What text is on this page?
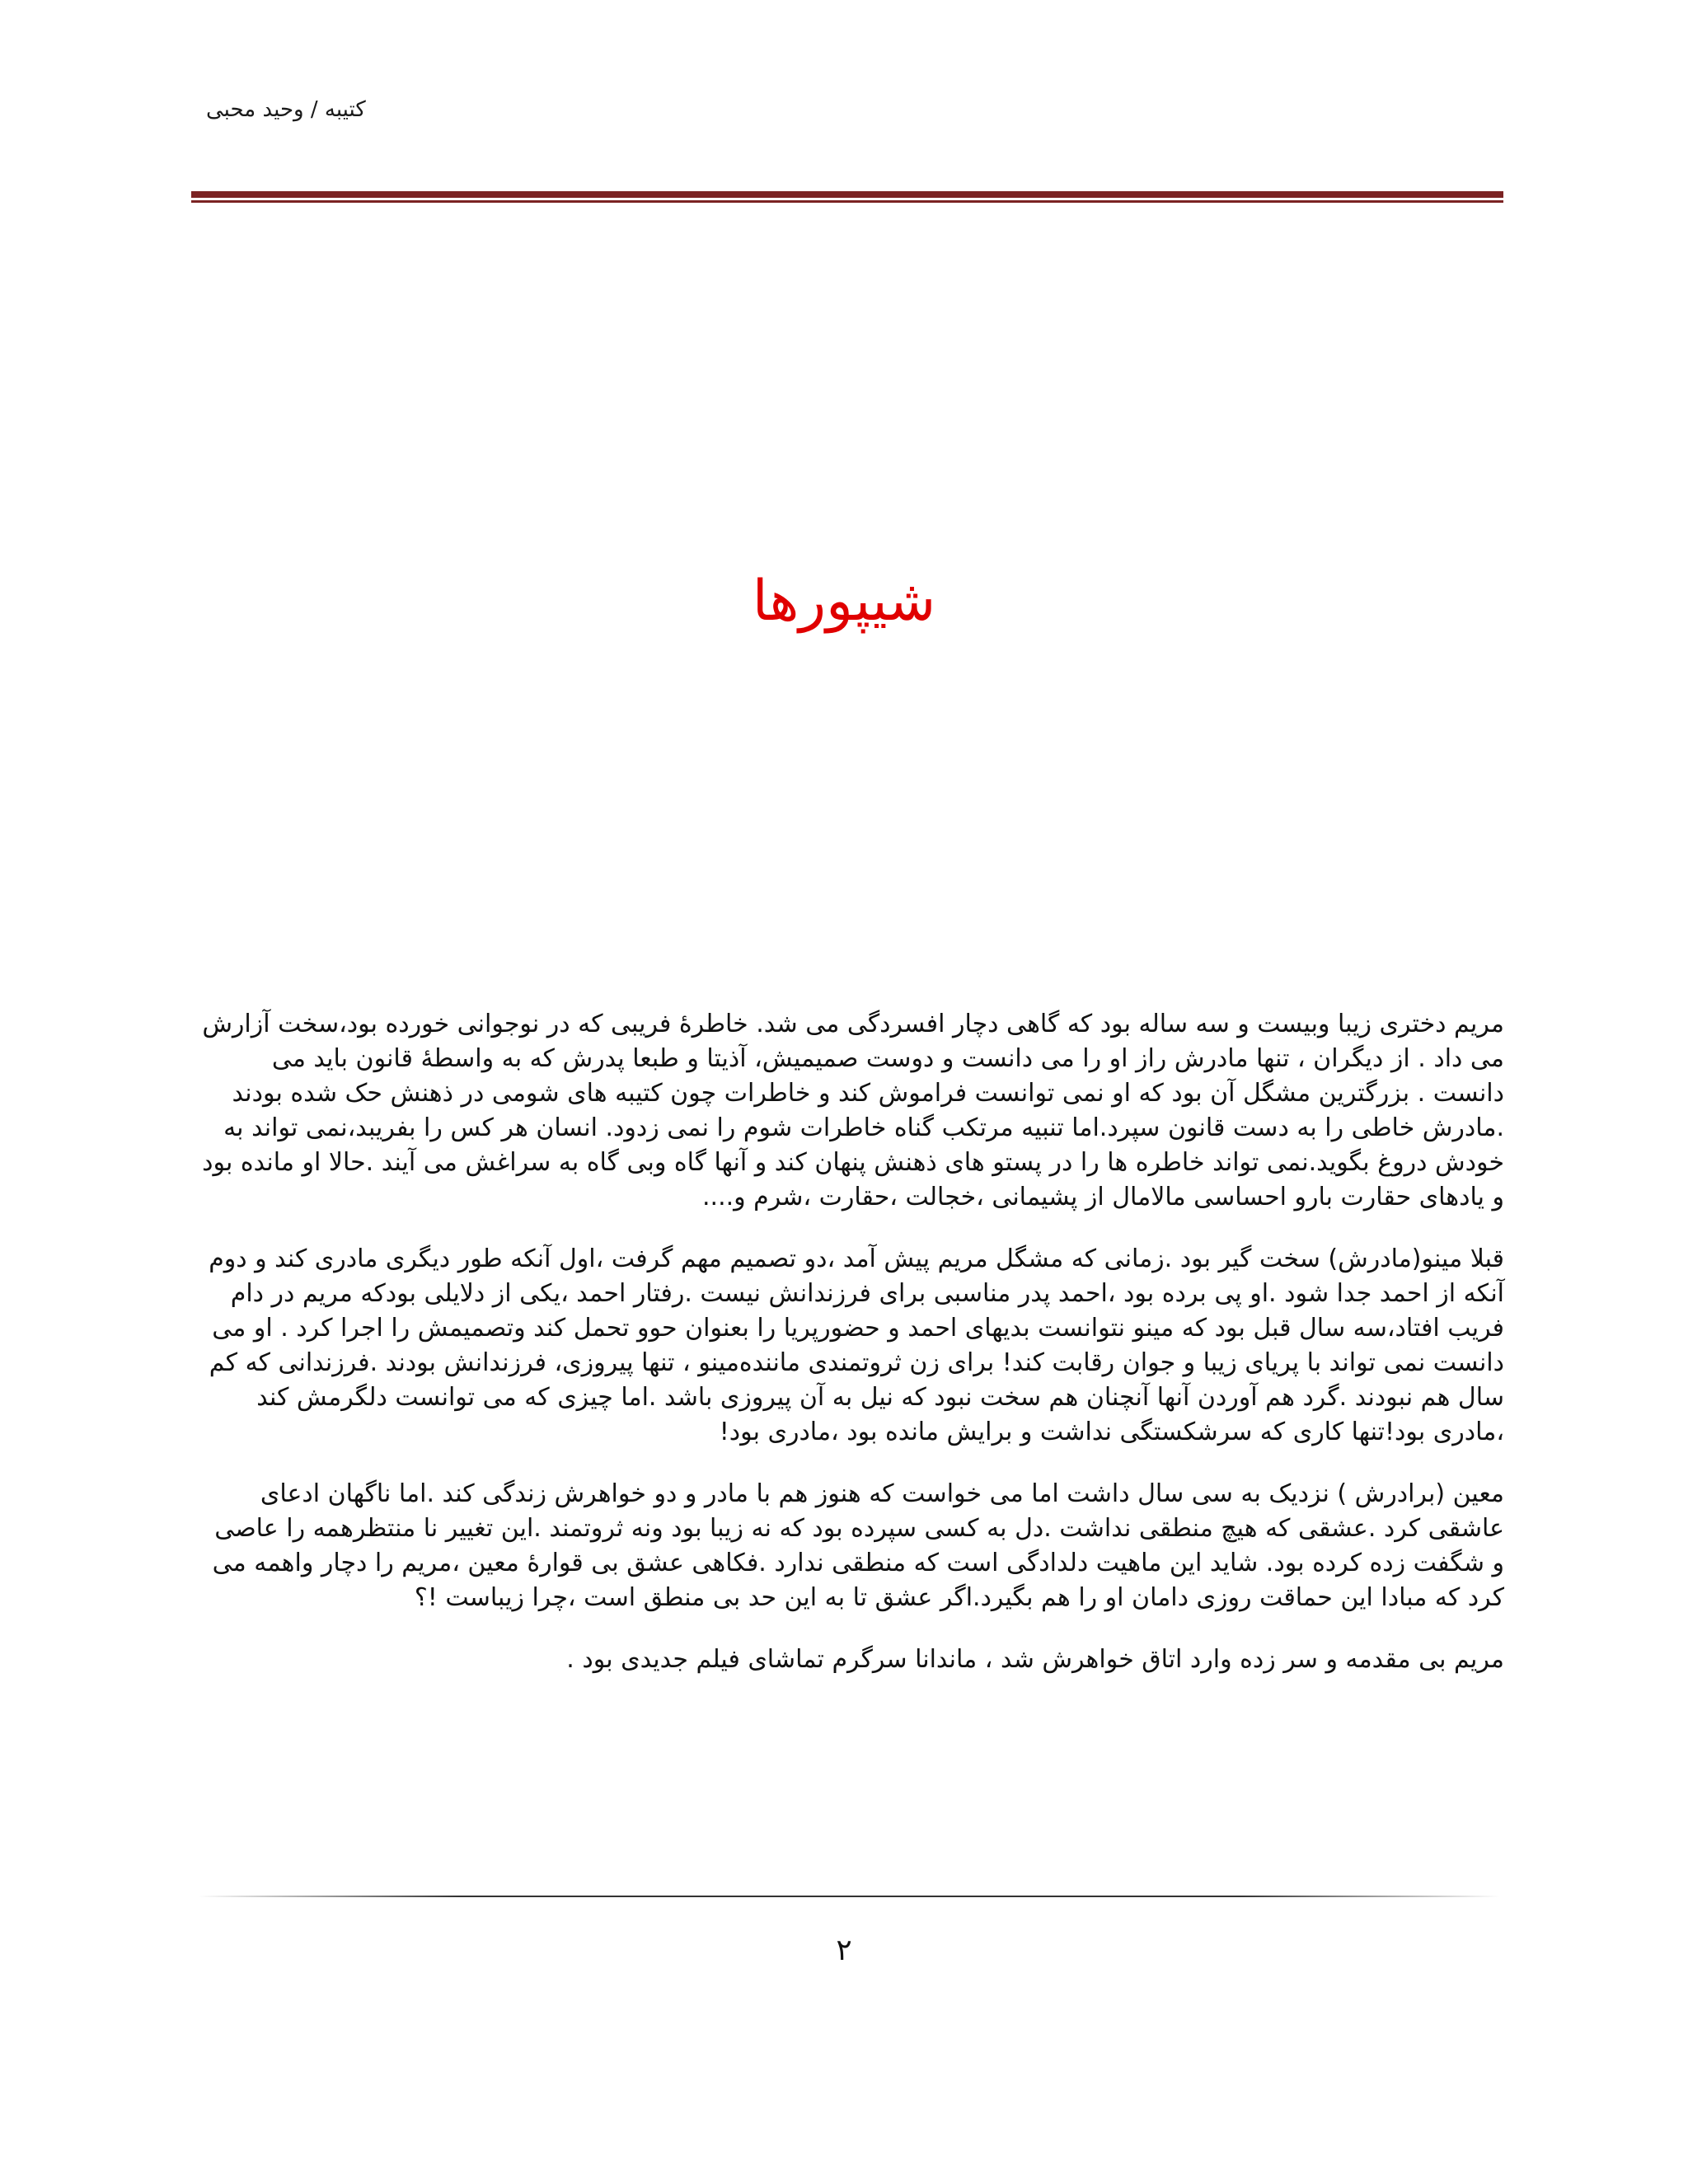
کتیبه / وحید محبی
شیپورها

مریم دختری زیبا وبیست و سه ساله بود که گاهی دچار افسردگی می شد. خاطرهٔ فریبی که در نوجوانی خورده بود،سخت آزارش می داد . از دیگران ، تنها مادرش راز او را می دانست و دوست صمیمیش، آذیتا و طبعا پدرش که به واسطهٔ قانون باید می دانست . بزرگترین مشگل آن بود که او نمی توانست فراموش کند و خاطرات چون کتیبه های شومی در ذهنش حک شده بودند .مادرش خاطی را به دست قانون سپرد.اما تنبیه مرتکب گناه خاطرات شوم را نمی زدود. انسان هر کس را بفریبد،نمی تواند به خودش دروغ بگوید.نمی تواند خاطره ها را در پستو های ذهنش پنهان کند و آنها گاه وبی گاه به سراغش می آیند .حالا او مانده بود و یادهای حقارت بارو احساسی مالامال از پشیمانی ،خجالت ،حقارت ،شرم و....

قبلا مینو(مادرش) سخت گیر بود .زمانی که مشگل مریم پیش آمد ،دو تصمیم مهم گرفت ،اول آنکه طور دیگری مادری کند و دوم آنکه از احمد جدا شود .او پی برده بود ،احمد پدر مناسبی برای فرزندانش نیست .رفتار احمد ،یکی از دلایلی بودکه مریم در دام فریب افتاد،سه سال قبل بود که مینو نتوانست بدیهای احمد و حضورپریا را بعنوان حوو تحمل کند وتصمیمش را اجرا کرد . او می دانست نمی تواند با پریای زیبا و جوان رقابت کند! برای زن ثروتمندی ماننده‌مینو ، تنها پیروزی، فرزندانش بودند .فرزندانی که کم سال هم نبودند .گرد هم آوردن آنها آنچنان هم سخت نبود که نیل به آن پیروزی باشد .اما چیزی که می توانست دلگرمش کند ،مادری بود!تنها کاری که سرشکستگی نداشت و برایش مانده بود ،مادری بود!

معین (برادرش ) نزدیک به سی سال داشت اما می خواست که هنوز هم با مادر و دو خواهرش زندگی کند .اما ناگهان ادعای عاشقی کرد .عشقی که هیچ منطقی نداشت .دل به کسی سپرده بود که نه زیبا بود ونه ثروتمند .این تغییر نا منتظرهمه را عاصی و شگفت زده کرده بود. شاید این ماهیت دلدادگی است که منطقی ندارد .فکاهی عشق بی قوارهٔ معین ،مریم را دچار واهمه می کرد که مبادا این حماقت روزی دامان او را هم بگیرد.اگر عشق تا به این حد بی منطق است ،چرا زیباست !؟

مریم بی مقدمه و سر زده وارد اتاق خواهرش شد ، ماندانا سرگرم تماشای فیلم جدیدی بود .

۲
